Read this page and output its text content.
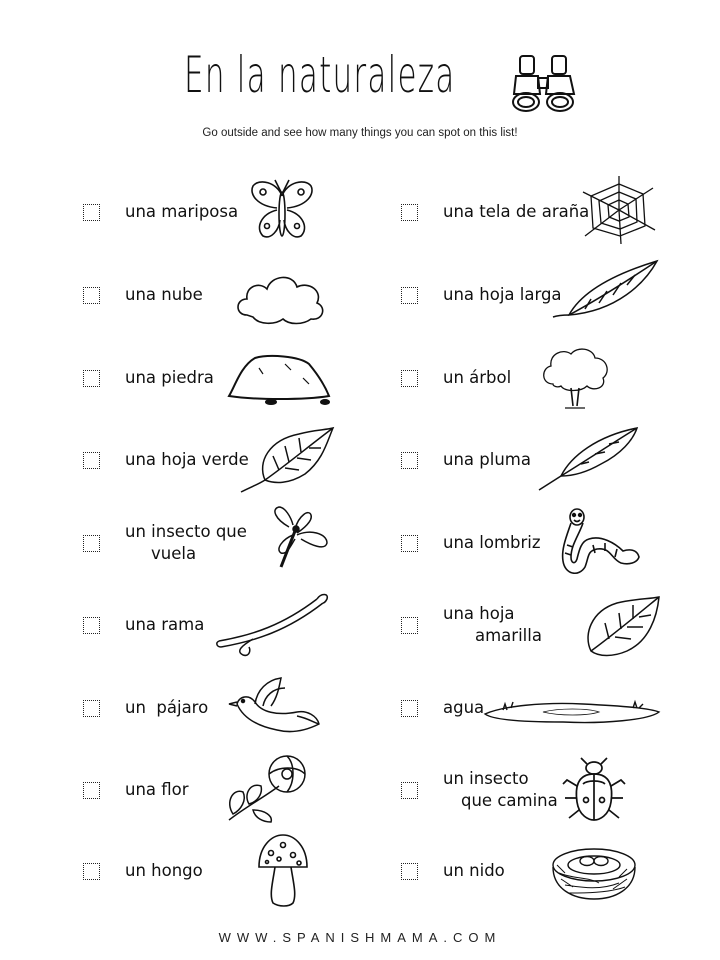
En la naturaleza
Go outside and see how many things you can spot on this list!
una mariposa
una nube
una piedra
una hoja verde
un insecto que
vuela
una rama
un  pájaro
una flor
un hongo
una tela de araña
una hoja larga
un árbol
una pluma
una lombriz
una hoja
amarilla
agua
un insecto
que camina
un nido
WWW.SPANISHMAMA.COM
